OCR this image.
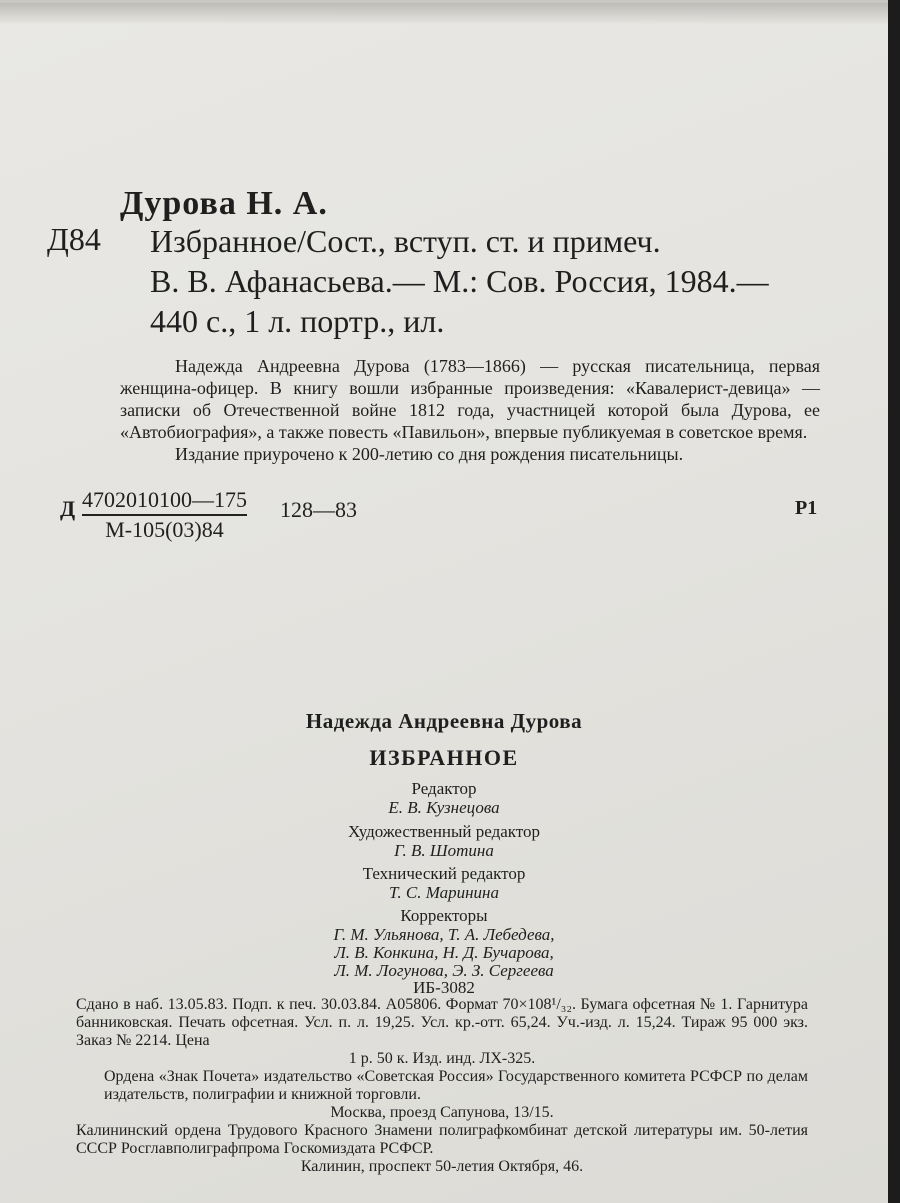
Дурова Н. А.
Д84 Избранное/Сост., вступ. ст. и примеч.
В. В. Афанасьева.— М.: Сов. Россия, 1984.—
440 с., 1 л. портр., ил.

Надежда Андреевна Дурова (1783—1866) — русская писательница, первая женщина-офицер. В книгу вошли избранные произведения: «Кавалерист-девица» — записки об Отечественной войне 1812 года, участницей которой была Дурова, ее «Автобиография», а также повесть «Павильон», впервые публикуемая в советское время.

Издание приурочено к 200-летию со дня рождения писательницы.

Д 4702010100—175
М-105(03)84
128—83	Р1
Надежда Андреевна Дурова
ИЗБРАННОЕ
Редактор
Е. В. Кузнецова
Художественный редактор
Г. В. Шотина
Технический редактор
Т. С. Маринина
Корректоры
Г. М. Ульянова, Т. А. Лебедева,
Л. В. Конкина, Н. Д. Бучарова,
Л. М. Логунова, Э. З. Сергеева
ИБ-3082

Сдано в наб. 13.05.83. Подп. к печ. 30.03.84. А05806. Формат 70×108¹/₃₂. Бумага офсетная № 1. Гарнитура банниковская. Печать офсетная. Усл. п. л. 19,25. Усл. кр.-отт. 65,24. Уч.-изд. л. 15,24. Тираж 95 000 экз. Заказ № 2214. Цена

1 р. 50 к. Изд. инд. ЛХ-325.

Ордена «Знак Почета» издательство «Советская Россия» Государственного комитета РСФСР по делам издательств, полиграфии и книжной торговли.

Москва, проезд Сапунова, 13/15.

Калининский ордена Трудового Красного Знамени полиграфкомбинат детской литературы им. 50-летия СССР Росглавполиграфпрома Госкомиздата РСФСР.

Калинин, проспект 50-летия Октября, 46.
